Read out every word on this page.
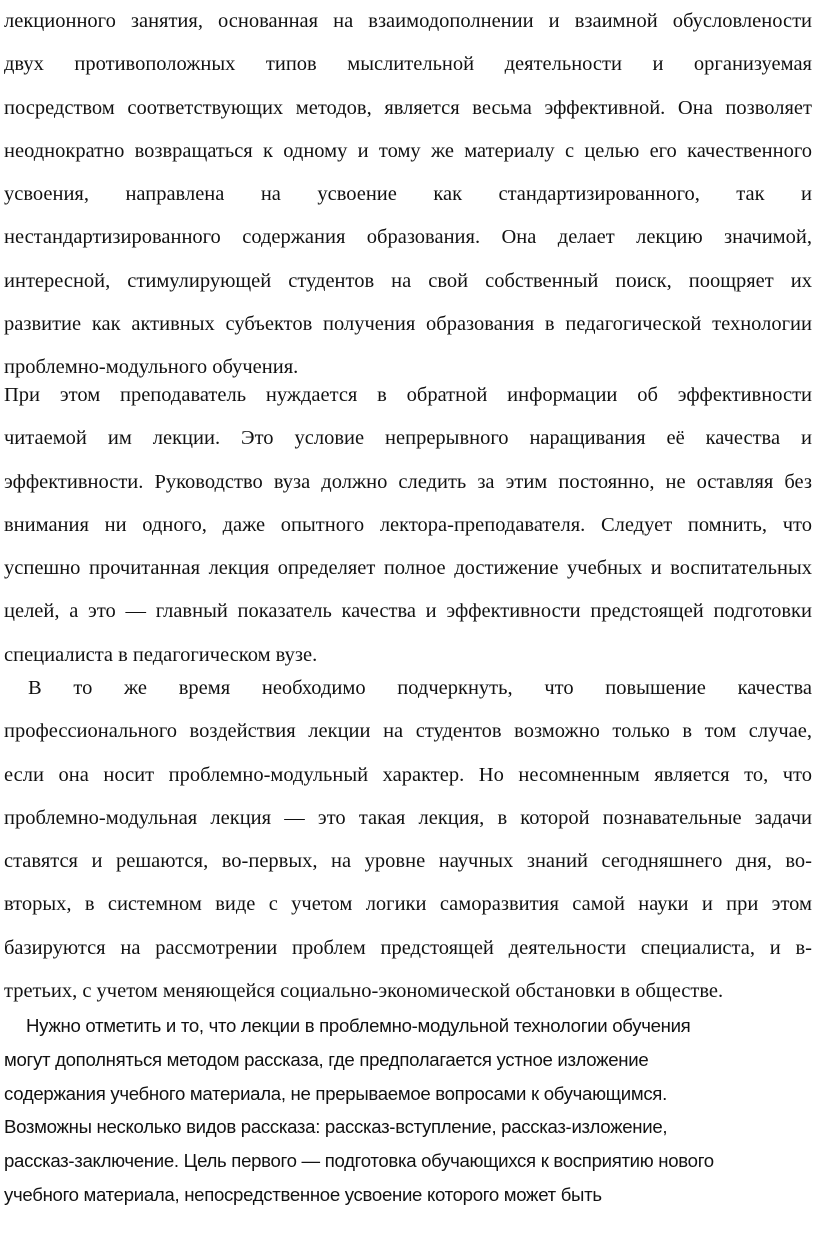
лекционного занятия, основанная на взаимодополнении и взаимной обусловлености
двух противоположных типов мыслительной деятельности и организуемая
посредством соответствующих методов, является весьма эффективной. Она позволяет
неоднократно возвращаться к одному и тому же материалу с целью его качественного
усвоения, направлена на усвоение как стандартизированного, так и
нестандартизированного содержания образования. Она делает лекцию значимой,
интересной, стимулирующей студентов на свой собственный поиск, поощряет их
развитие как активных субъектов получения образования в педагогической технологии
проблемно-модульного обучения.
При этом преподаватель нуждается в обратной информации об эффективности
читаемой им лекции. Это условие непрерывного наращивания её качества и
эффективности. Руководство вуза должно следить за этим постоянно, не оставляя без
внимания ни одного, даже опытного лектора-преподавателя. Следует помнить, что
успешно прочитанная лекция определяет полное достижение учебных и воспитательных
целей, а это — главный показатель качества и эффективности предстоящей подготовки
специалиста в педагогическом вузе.
В то же время необходимо подчеркнуть, что повышение качества
профессионального воздействия лекции на студентов возможно только в том случае,
если она носит проблемно-модульный характер. Но несомненным является то, что
проблемно-модульная лекция — это такая лекция, в которой познавательные задачи
ставятся и решаются, во-первых, на уровне научных знаний сегодняшнего дня, во-
вторых, в системном виде с учетом логики саморазвития самой науки и при этом
базируются на рассмотрении проблем предстоящей деятельности специалиста, и в-
третьих, с учетом меняющейся социально-экономической обстановки в обществе.
Нужно отметить и то, что лекции в проблемно-модульной технологии обучения
могут дополняться методом рассказа, где предполагается устное изложение
содержания учебного материала, не прерываемое вопросами к обучающимся.
Возможны несколько видов рассказа: рассказ-вступление, рассказ-изложение,
рассказ-заключение. Цель первого — подготовка обучающихся к восприятию нового
учебного материала, непосредственное усвоение которого может быть
